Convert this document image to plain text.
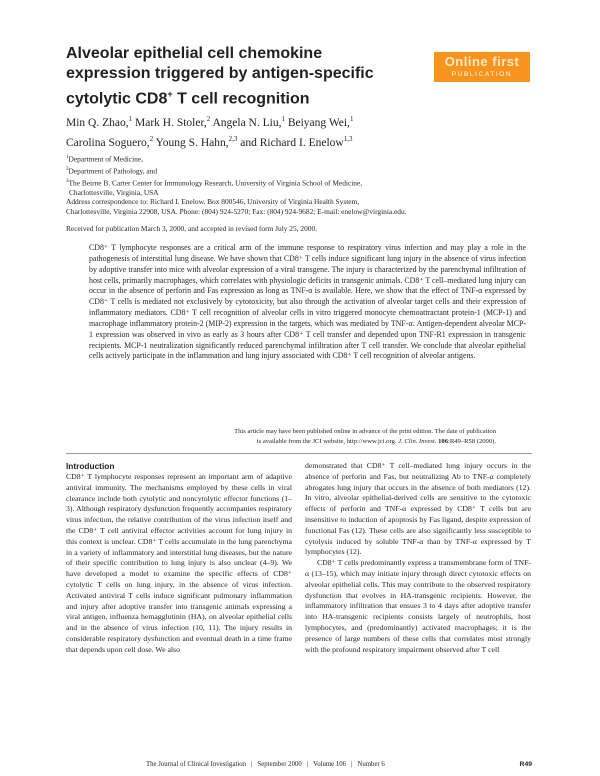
Alveolar epithelial cell chemokine
expression triggered by antigen-specific
cytolytic CD8+ T cell recognition
Online first
PUBLICATION
Min Q. Zhao,$^1$ Mark H. Stoler,$^2$ Angela N. Liu,$^1$ Beiyang Wei,$^1$
Carolina Soguero,$^2$ Young S. Hahn,$^{2,3}$ and Richard I. Enelow$^{1,3}$
$^1$Department of Medicine,
$^2$Department of Pathology, and
$^3$The Beirne B. Carter Center for Immunology Research, University of Virginia School of Medicine,
Charlottesville, Virginia, USA
Address correspondence to: Richard I. Enelow, Box 800546, University of Virginia Health System,
Charlottesville, Virginia 22908, USA. Phone: (804) 924-5270; Fax: (804) 924-9682; E-mail: enelow@virginia.edu.
Received for publication March 3, 2000, and accepted in revised form July 25, 2000.

CD8⁺ T lymphocyte responses are a critical arm of the immune response to respiratory virus infection and may play a role in the pathogenesis of interstitial lung disease. We have shown that CD8⁺ T cells induce significant lung injury in the absence of virus infection by adoptive transfer into mice with alveolar expression of a viral transgene. The injury is characterized by the parenchymal infiltration of host cells, primarily macrophages, which correlates with physiologic deficits in transgenic animals. CD8⁺ T cell–mediated lung injury can occur in the absence of perforin and Fas expression as long as TNF-α is available. Here, we show that the effect of TNF-α expressed by CD8⁺ T cells is mediated not exclusively by cytotoxicity, but also through the activation of alveolar target cells and their expression of inflammatory mediators. CD8⁺ T cell recognition of alveolar cells in vitro triggered monocyte chemoattractant protein-1 (MCP-1) and macrophage inflammatory protein-2 (MIP-2) expression in the targets, which was mediated by TNF-α. Antigen-dependent alveolar MCP-1 expression was observed in vivo as early as 3 hours after CD8⁺ T cell transfer and depended upon TNF-R1 expression in transgenic recipients. MCP-1 neutralization significantly reduced parenchymal infiltration after T cell transfer. We conclude that alveolar epithelial cells actively participate in the inflammation and lung injury associated with CD8⁺ T cell recognition of alveolar antigens.

This article may have been published online in advance of the print edition. The date of publication
is available from the JCI website, http://www.jci.org. J. Clin. Invest. 106:R49–R58 (2000).
Introduction

CD8⁺ T lymphocyte responses represent an important arm of adaptive antiviral immunity. The mechanisms employed by these cells in viral clearance include both cytolytic and noncytolytic effector functions (1–3). Although respiratory dysfunction frequently accompanies respiratory virus infection, the relative contribution of the virus infection itself and the CD8⁺ T cell antiviral effector activities account for lung injury in this context is unclear. CD8⁺ T cells accumulate in the lung parenchyma in a variety of inflammatory and interstitial lung diseases, but the nature of their specific contribution to lung injury is also unclear (4–9). We have developed a model to examine the specific effects of CD8⁺ cytolytic T cells on lung injury, in the absence of virus infection. Activated antiviral T cells induce significant pulmonary inflammation and injury after adoptive transfer into transgenic animals expressing a viral antigen, influenza hemagglutinin (HA), on alveolar epithelial cells and in the absence of virus infection (10, 11). The injury results in considerable respiratory dysfunction and eventual death in a time frame that depends upon cell dose. We also

demonstrated that CD8⁺ T cell–mediated lung injury occurs in the absence of perforin and Fas, but neutralizing Ab to TNF-α completely abrogates lung injury that occurs in the absence of both mediators (12). In vitro, alveolar epithelial-derived cells are sensitive to the cytotoxic effects of perforin and TNF-α expressed by CD8⁺ T cells but are insensitive to induction of apoptosis by Fas ligand, despite expression of functional Fas (12). These cells are also significantly less susceptible to cytolysis induced by soluble TNF-α than by TNF-α expressed by T lymphocytes (12).

CD8⁺ T cells predominantly express a transmembrane form of TNF-α (13–15), which may initiate injury through direct cytotoxic effects on alveolar epithelial cells. This may contribute to the observed respiratory dysfunction that evolves in HA-transgenic recipients. However, the inflammatory infiltration that ensues 3 to 4 days after adoptive transfer into HA-transgenic recipients consists largely of neutrophils, host lymphocytes, and (predominantly) activated macrophages; it is the presence of large numbers of these cells that correlates most strongly with the profound respiratory impairment observed after T cell

The Journal of Clinical Investigation | September 2000 | Volume 106 | Number 6	R49
